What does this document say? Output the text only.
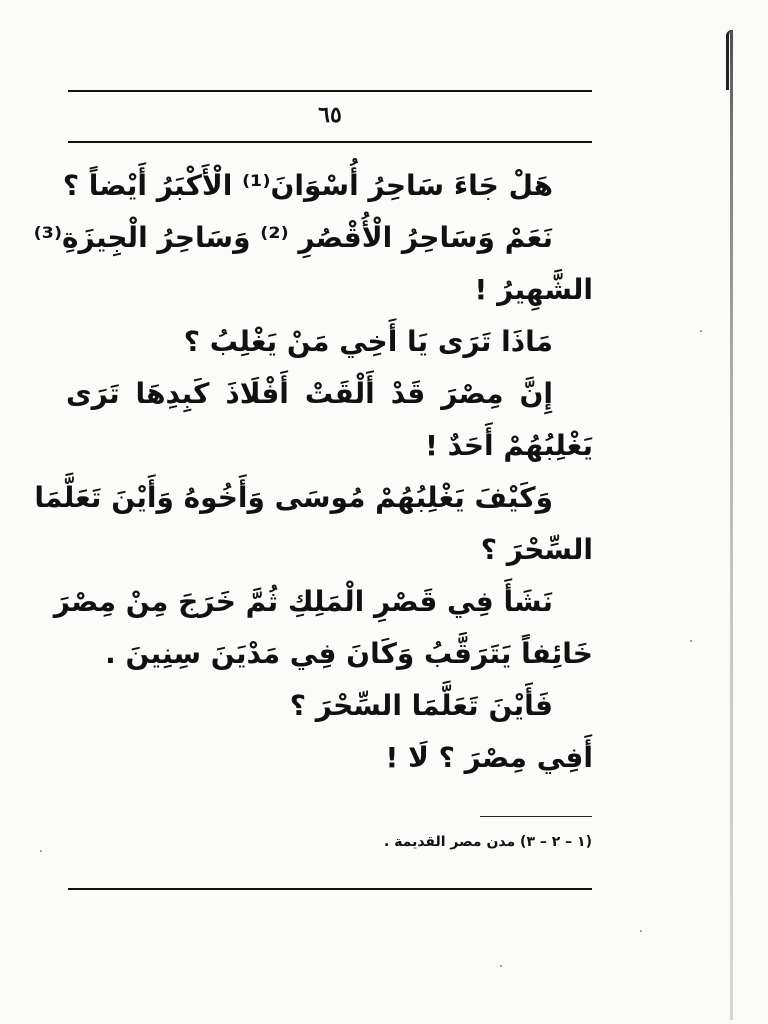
٦٥
هَلْ جَاءَ سَاحِرُ أُسْوَانَ⁽¹⁾ الْأَكْبَرُ أَيْضاً ؟
نَعَمْ وَسَاحِرُ الْأُقْصُرِ ⁽²⁾ وَسَاحِرُ الْجِيزَةِ⁽³⁾
الشَّهِيرُ !
مَاذَا تَرَى يَا أَخِي مَنْ يَغْلِبُ ؟
إِنَّ مِصْرَ قَدْ أَلْقَتْ أَفْلَاذَ كَبِدِهَا تَرَى
يَغْلِبُهُمْ أَحَدٌ !
وَكَيْفَ يَغْلِبُهُمْ مُوسَى وَأَخُوهُ وَأَيْنَ تَعَلَّمَا
السِّحْرَ ؟
نَشَأَ فِي قَصْرِ الْمَلِكِ ثُمَّ خَرَجَ مِنْ مِصْرَ
خَائِفاً يَتَرَقَّبُ وَكَانَ فِي مَدْيَنَ سِنِينَ .
فَأَيْنَ تَعَلَّمَا السِّحْرَ ؟
أَفِي مِصْرَ ؟ لَا !
(١ – ٢ – ٣) مدن مصر القديمة .
